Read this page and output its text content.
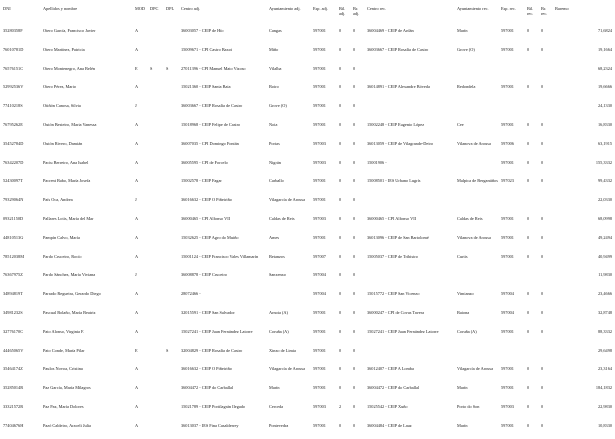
DNI	Apellidos y nombre	MOD	DPC	DPL	Centro adj.	Ayuntamiento adj.	Esp. adj.	Bil. adj.	Br. adj.	Centro rec.	Ayuntamiento rec.	Esp. rec.	Bil. rec.	Br. rec.	Baremo
35280358F	Otero García, Francisco Javier	A			36003057 - CEIP de Hío	Cangas	597001	0	0	36004469 - CEIP de Ardán	Marín	597001	0	0	71,6824
76010781D	Otero Martínez, Patricia	A			15009671 - CPI Castro Baxoi	Miño	597001	0	0	36003667 - CEIP Rosalía de Castro	Grove (O)	597001	0	0	19,1664
76576151C	Otero Montenegro, Ana Belén	E	S	S	27011396 - CPI Manuel Mato Vizoso	Vilalba	597001	0	0						68,2324
52992536V	Otero Pérez, Mario	A			15021360 - CEIP Santa Baia	Boiro	597001	0	0	36014891 - CEIP Alexandre Bóveda	Redondela	597001	0	0	19,6666
77410218S	Otiñón Canosa, Silvia	J			36003667 - CEIP Rosalía de Castro	Grove (O)	597001	0	0						24,1330
76795262E	Outón Besteiro, Maria Vanessa	A			15018968 - CEIP Felipe de Castro	Noia	597001	0	0	15002248 - CEIP Eugenio López	Cee	597001	0	0	16,8330
35452784D	Outón Rivero, Damián	A			36007035 - CPI Domingo Fontán	Portas	597003	0	0	36013059 - CEIP de Vilagrande-Deiro	Vilanova de Arousa	597006	0	0	63,1915
76342207D	Paciu Berreiro, Ana Isabel	A			36005595 - CPI de Forcelo	Nigrán	597003	0	0	15001906 -		597001	0	0	155,3332
52430097T	Pacrent Babo, María Josefa	A			15002578 - CEIP Fagar	Carballo	597001	0	0	15008501 - IES Urbano Lugrís	Malpica de Bergantiños	597023	0	0	99,4332
79329064N	País Oca, Andrea	J			36016632 - CEIP O Piñeiriño	Vilagarcía de Arousa	597001	0	0						22,0330
09321150D	Pallares Lotis, María del Mar	A			36000465 - CPI Alfonso VII	Caldas de Reis	597003	0	0	36000465 - CPI Alfonso VII	Caldas de Reis	597001	0	0	68,0998
44810513G	Pampín Calvo, María	A			15032625 - CEIP Agro do Muiño	Ames	597001	0	0	36013096 - CEIP de San Bartolomé	Vilanova de Arousa	597001	0	0	49,2494
78512038M	Pardo Cruceiro, Rocío	A			15001124 - CEIP Francisco Vales Villamarín	Betanzos	597007	0	0	15005037 - CEIP de Tribistro	Curtis	597001	0	0	40,9499
76367975Z	Pardo Sánchez, María Viviana	J			36008878 - CEIP Cruceiro	Sanxenxo	597004	0	0						11,9830
34894819T	Parrado Regueira, Gerardo Diego	A			28072466 -		597004	0	0	15015772 - CEIP San Vicenzo	Vimianzo	597004	0	0	23,4666
34981232S	Pascual Bolaño, María Beatriz	A			32015591 - CEIP San Salvador	Arnoia (A)	597001	0	0	36000247 - CPI de Covas Tavera	Baiona	597004	0	0	32,8748
32776170C	Pato Alonso, Virginia F.	A			15027241 - CEIP Juan Fernández Latorre	Coruña (A)	597001	0	0	15027241 - CEIP Juan Fernández Latorre	Coruña (A)	597001	0	0	88,3332
44465065V	Pato Conde, María Pilar	E		S	32004829 - CEIP Rosalía de Castro	Xinzo de Limia	597001	0	0						29,6498
35464174Z	Paulos Novoa, Cristina	A			36016632 - CEIP O Piñeiriño	Vilagarcía de Arousa	597001	0	0	36012407 - CEIP A Lomba	Vilagarcía de Arousa	597001	0	0	23,3164
35285014R	Paz García, María Milagros	A			36004472 - CEIP do Carballal	Marín	597001	0	0	36004472 - CEIP do Carballal	Marín	597001	0	0	184,1832
33321572R	Paz Paz, María Dolores	A			15021789 - CEIP Portilagrán Ilegado	Cerceda	597003	2	0	15025542 - CEIP Xuño	Porto do Son	597003	0	0	22,9830
77404676H	Pazó Caldeiro, Araceli Julia	A			36013037 - IES Fina Casalderrey	Pontevedra	597001	0	0	36004484 - CEIP de Lauz	Marín	597001	0	0	10,8330
